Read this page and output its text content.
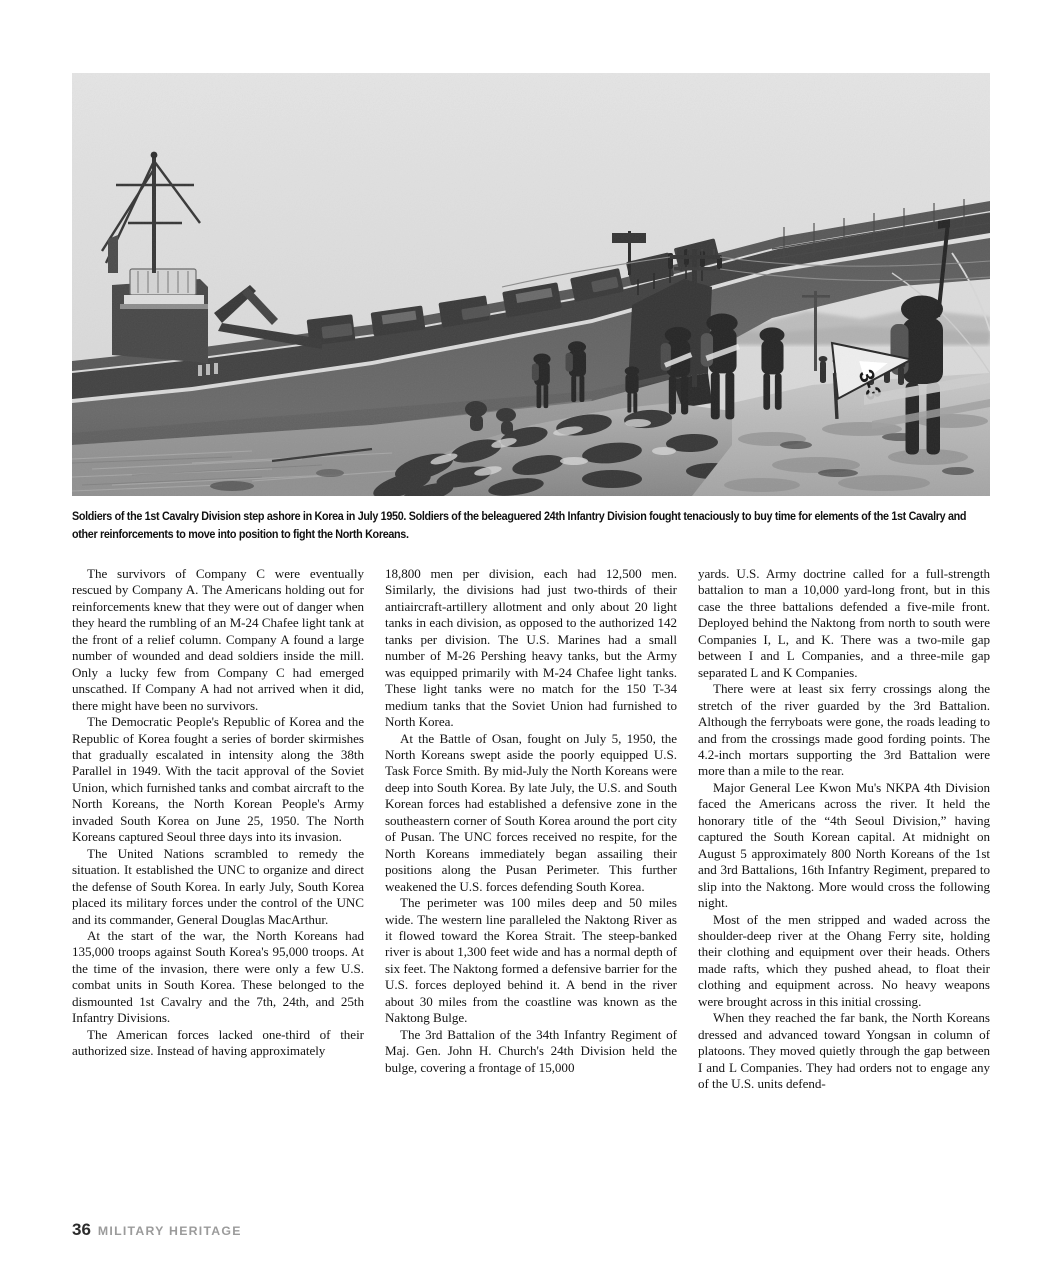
Soldiers of the 1st Cavalry Division step ashore in Korea in July 1950. Soldiers of the beleaguered 24th Infantry Division fought tenaciously to buy time for elements of the 1st Cavalry and other reinforcements to move into position to fight the North Koreans.

The survivors of Company C were eventually rescued by Company A. The Americans holding out for reinforcements knew that they were out of danger when they heard the rumbling of an M-24 Chafee light tank at the front of a relief column. Company A found a large number of wounded and dead soldiers inside the mill. Only a lucky few from Company C had emerged unscathed. If Company A had not arrived when it did, there might have been no survivors.

The Democratic People's Republic of Korea and the Republic of Korea fought a series of border skirmishes that gradually escalated in intensity along the 38th Parallel in 1949. With the tacit approval of the Soviet Union, which furnished tanks and combat aircraft to the North Koreans, the North Korean People's Army invaded South Korea on June 25, 1950. The North Koreans captured Seoul three days into its invasion.

The United Nations scrambled to remedy the situation. It established the UNC to organize and direct the defense of South Korea. In early July, South Korea placed its military forces under the control of the UNC and its commander, General Douglas MacArthur.

At the start of the war, the North Koreans had 135,000 troops against South Korea's 95,000 troops. At the time of the invasion, there were only a few U.S. combat units in South Korea. These belonged to the dismounted 1st Cavalry and the 7th, 24th, and 25th Infantry Divisions.

The American forces lacked one-third of their authorized size. Instead of having approximately

18,800 men per division, each had 12,500 men. Similarly, the divisions had just two-thirds of their antiaircraft-artillery allotment and only about 20 light tanks in each division, as opposed to the authorized 142 tanks per division. The U.S. Marines had a small number of M-26 Pershing heavy tanks, but the Army was equipped primarily with M-24 Chafee light tanks. These light tanks were no match for the 150 T-34 medium tanks that the Soviet Union had furnished to North Korea.

At the Battle of Osan, fought on July 5, 1950, the North Koreans swept aside the poorly equipped U.S. Task Force Smith. By mid-July the North Koreans were deep into South Korea. By late July, the U.S. and South Korean forces had established a defensive zone in the southeastern corner of South Korea around the port city of Pusan. The UNC forces received no respite, for the North Koreans immediately began assailing their positions along the Pusan Perimeter. This further weakened the U.S. forces defending South Korea.

The perimeter was 100 miles deep and 50 miles wide. The western line paralleled the Naktong River as it flowed toward the Korea Strait. The steep-banked river is about 1,300 feet wide and has a normal depth of six feet. The Naktong formed a defensive barrier for the U.S. forces deployed behind it. A bend in the river about 30 miles from the coastline was known as the Naktong Bulge.

The 3rd Battalion of the 34th Infantry Regiment of Maj. Gen. John H. Church's 24th Division held the bulge, covering a frontage of 15,000

yards. U.S. Army doctrine called for a full-strength battalion to man a 10,000 yard-long front, but in this case the three battalions defended a five-mile front. Deployed behind the Naktong from north to south were Companies I, L, and K. There was a two-mile gap between I and L Companies, and a three-mile gap separated L and K Companies.

There were at least six ferry crossings along the stretch of the river guarded by the 3rd Battalion. Although the ferryboats were gone, the roads leading to and from the crossings made good fording points. The 4.2-inch mortars supporting the 3rd Battalion were more than a mile to the rear.

Major General Lee Kwon Mu's NKPA 4th Division faced the Americans across the river. It held the honorary title of the “4th Seoul Division,” having captured the South Korean capital. At midnight on August 5 approximately 800 North Koreans of the 1st and 3rd Battalions, 16th Infantry Regiment, prepared to slip into the Naktong. More would cross the following night.

Most of the men stripped and waded across the shoulder-deep river at the Ohang Ferry site, holding their clothing and equipment over their heads. Others made rafts, which they pushed ahead, to float their clothing and equipment across. No heavy weapons were brought across in this initial crossing.

When they reached the far bank, the North Koreans dressed and advanced toward Yongsan in column of platoons. They moved quietly through the gap between I and L Companies. They had orders not to engage any of the U.S. units defend-

36 MILITARY HERITAGE
